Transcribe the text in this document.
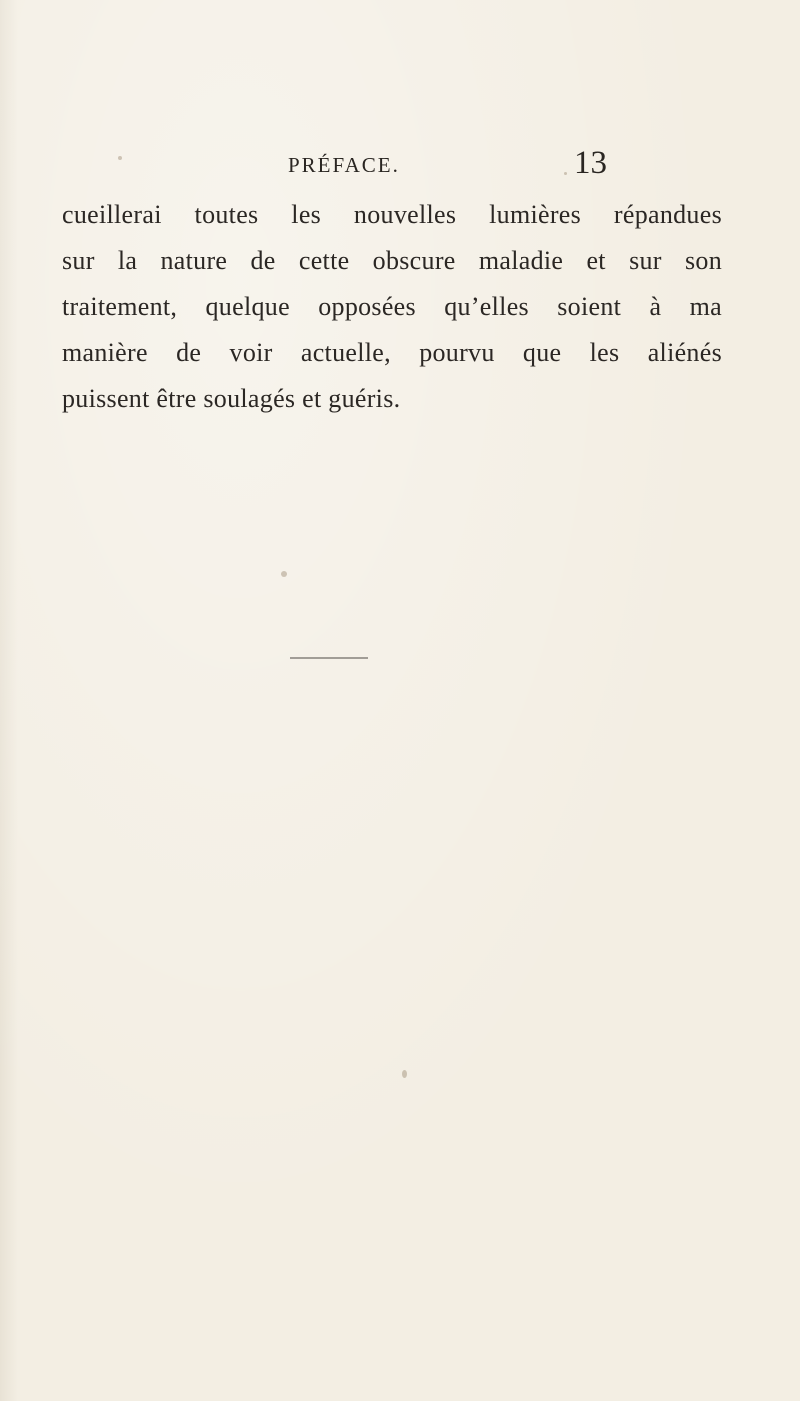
PRÉFACE.	13
cueillerai toutes les nouvelles lumières répandues
sur la nature de cette obscure maladie et sur son
traitement, quelque opposées qu’elles soient à ma
manière de voir actuelle, pourvu que les aliénés
puissent être soulagés et guéris.
